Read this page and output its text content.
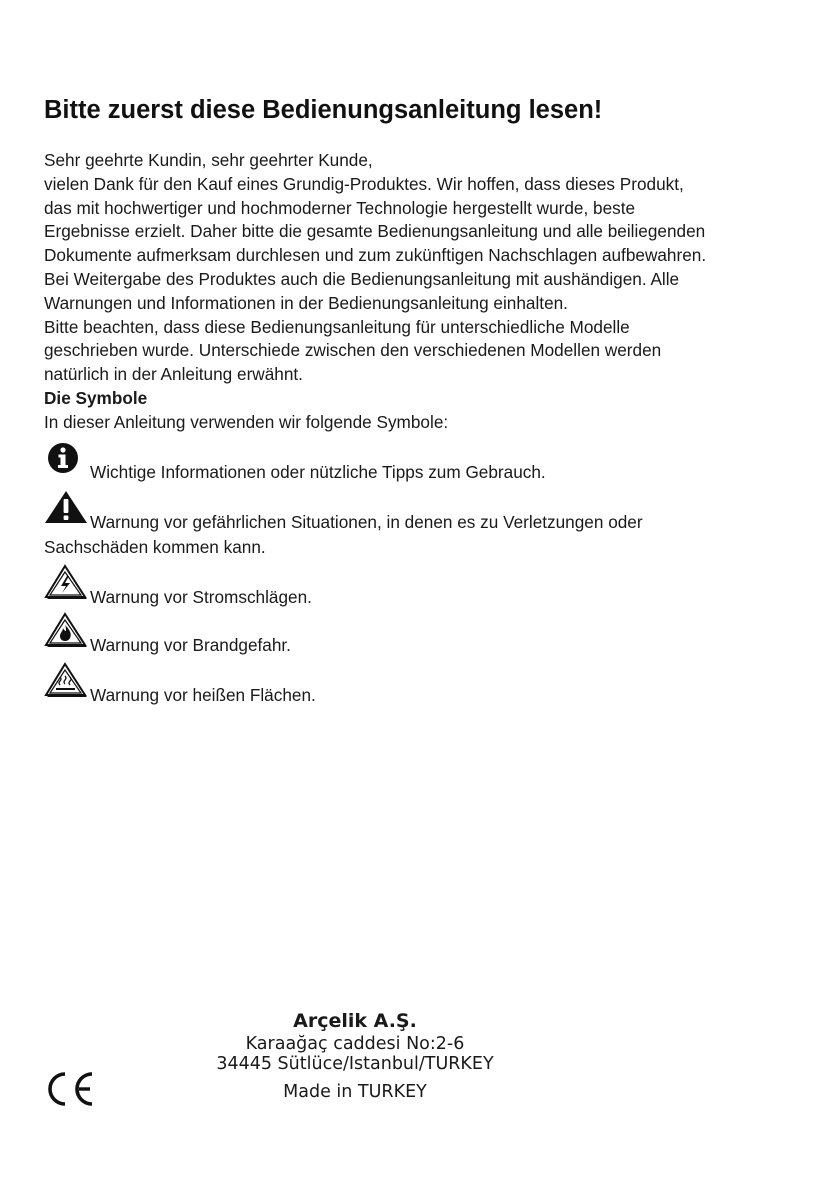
Bitte zuerst diese Bedienungsanleitung lesen!
Sehr geehrte Kundin, sehr geehrter Kunde,
vielen Dank für den Kauf eines Grundig-Produktes. Wir hoffen, dass dieses Produkt,
das mit hochwertiger und hochmoderner Technologie hergestellt wurde, beste
Ergebnisse erzielt. Daher bitte die gesamte Bedienungsanleitung und alle beiliegenden
Dokumente aufmerksam durchlesen und zum zukünftigen Nachschlagen aufbewahren.
Bei Weitergabe des Produktes auch die Bedienungsanleitung mit aushändigen. Alle
Warnungen und Informationen in der Bedienungsanleitung einhalten.
Bitte beachten, dass diese Bedienungsanleitung für unterschiedliche Modelle
geschrieben wurde. Unterschiede zwischen den verschiedenen Modellen werden
natürlich in der Anleitung erwähnt.
Die Symbole
In dieser Anleitung verwenden wir folgende Symbole:
Wichtige Informationen oder nützliche Tipps zum Gebrauch.
Warnung vor gefährlichen Situationen, in denen es zu Verletzungen oder
Sachschäden kommen kann.
Warnung vor Stromschlägen.
Warnung vor Brandgefahr.
Warnung vor heißen Flächen.
Arçelik A.Ş.
Karaağaç caddesi No:2-6
34445 Sütlüce/Istanbul/TURKEY
Made in TURKEY
